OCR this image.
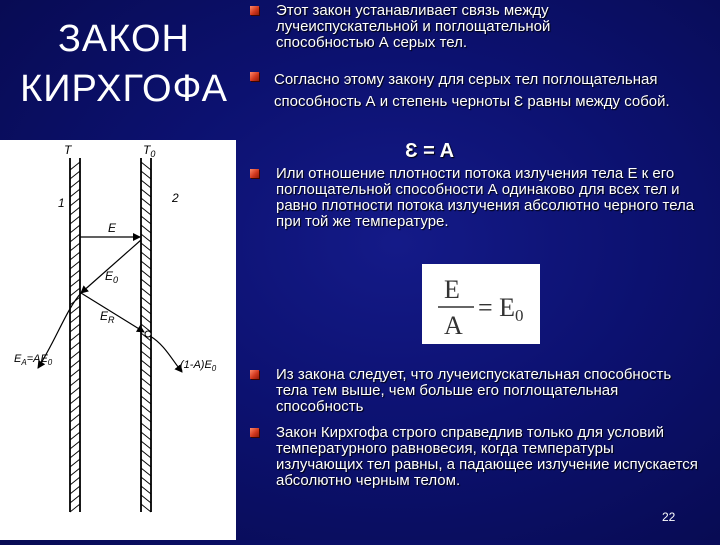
ЗАКОН
КИРХГОФА
T	$T_0$
1	2
E
$E_0$
$E_R$
$E_A=AE_0$	$(1-A)E_0$
Этот закон устанавливает связь между лучеиспускательной и поглощательной способностью А серых тел.
Согласно этому закону для серых тел поглощательная способность А и степень черноты Ɛ равны между собой.
Ɛ = A
Или отношение плотности потока излучения тела Е к его поглощательной способности А одинаково для всех тел и равно плотности потока излучения абсолютно черного тела при той же температуре.
E
A
= E0
Из закона следует, что лучеиспускательная способность тела тем выше, чем больше его поглощательная способность
Закон Кирхгофа строго справедлив только для условий температурного равновесия, когда температуры излучающих тел равны, а падающее излучение испускается абсолютно черным телом.
22
